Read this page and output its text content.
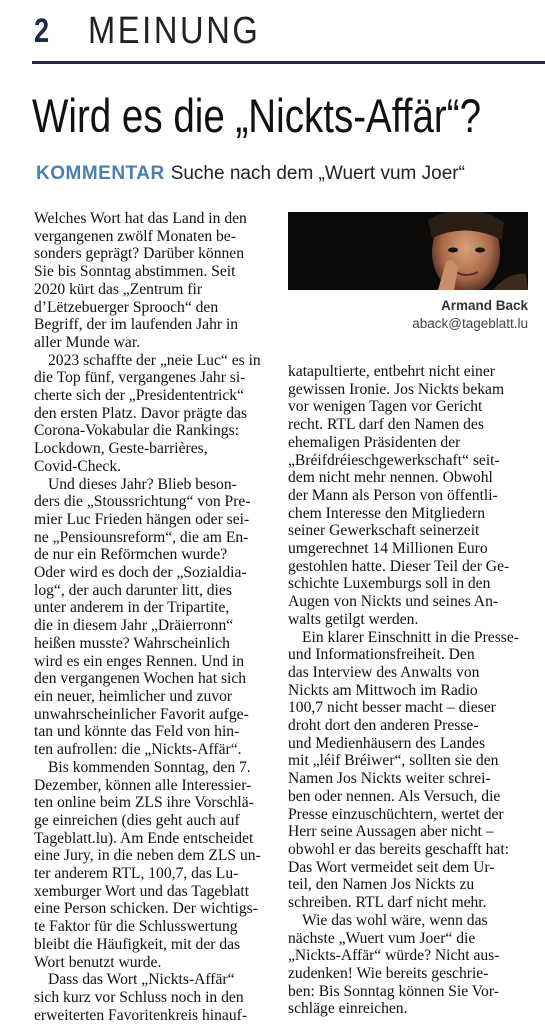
2 MEINUNG
Wird es die „Nickts-Affär“?
KOMMENTAR Suche nach dem „Wuert vum Joer“
Welches Wort hat das Land in den
vergangenen zwölf Monaten be-
sonders geprägt? Darüber können
Sie bis Sonntag abstimmen. Seit
2020 kürt das „Zentrum fir
d’Lëtzebuerger Sprooch“ den
Begriff, der im laufenden Jahr in
aller Munde war.
2023 schaffte der „neie Luc“ es in
die Top fünf, vergangenes Jahr si-
cherte sich der „Presidententrick“
den ersten Platz. Davor prägte das
Corona-Vokabular die Rankings:
Lockdown, Geste-barrières,
Covid-Check.
Und dieses Jahr? Blieb beson-
ders die „Stoussrichtung“ von Pre-
mier Luc Frieden hängen oder sei-
ne „Pensiounsreform“, die am En-
de nur ein Reförmchen wurde?
Oder wird es doch der „Sozialdia-
log“, der auch darunter litt, dies
unter anderem in der Tripartite,
die in diesem Jahr „Dräierronn“
heißen musste? Wahrscheinlich
wird es ein enges Rennen. Und in
den vergangenen Wochen hat sich
ein neuer, heimlicher und zuvor
unwahrscheinlicher Favorit aufge-
tan und könnte das Feld von hin-
ten aufrollen: die „Nickts-Affär“.
Bis kommenden Sonntag, den 7.
Dezember, können alle Interessier-
ten online beim ZLS ihre Vorschlä-
ge einreichen (dies geht auch auf
Tageblatt.lu). Am Ende entscheidet
eine Jury, in die neben dem ZLS un-
ter anderem RTL, 100,7, das Lu-
xemburger Wort und das Tageblatt
eine Person schicken. Der wichtigs-
te Faktor für die Schlusswertung
bleibt die Häufigkeit, mit der das
Wort benutzt wurde.
Dass das Wort „Nickts-Affär“
sich kurz vor Schluss noch in den
erweiterten Favoritenkreis hinauf-
Armand Back
aback@tageblatt.lu
katapultierte, entbehrt nicht einer
gewissen Ironie. Jos Nickts bekam
vor wenigen Tagen vor Gericht
recht. RTL darf den Namen des
ehemaligen Präsidenten der
„Bréifdréieschgewerkschaft“ seit-
dem nicht mehr nennen. Obwohl
der Mann als Person von öffentli-
chem Interesse den Mitgliedern
seiner Gewerkschaft seinerzeit
umgerechnet 14 Millionen Euro
gestohlen hatte. Dieser Teil der Ge-
schichte Luxemburgs soll in den
Augen von Nickts und seines An-
walts getilgt werden.
Ein klarer Einschnitt in die Presse-
und Informationsfreiheit. Den
das Interview des Anwalts von
Nickts am Mittwoch im Radio
100,7 nicht besser macht – dieser
droht dort den anderen Presse-
und Medienhäusern des Landes
mit „léif Bréiwer“, sollten sie den
Namen Jos Nickts weiter schrei-
ben oder nennen. Als Versuch, die
Presse einzuschüchtern, wertet der
Herr seine Aussagen aber nicht –
obwohl er das bereits geschafft hat:
Das Wort vermeidet seit dem Ur-
teil, den Namen Jos Nickts zu
schreiben. RTL darf nicht mehr.
Wie das wohl wäre, wenn das
nächste „Wuert vum Joer“ die
„Nickts-Affär“ würde? Nicht aus-
zudenken! Wie bereits geschrie-
ben: Bis Sonntag können Sie Vor-
schläge einreichen.
